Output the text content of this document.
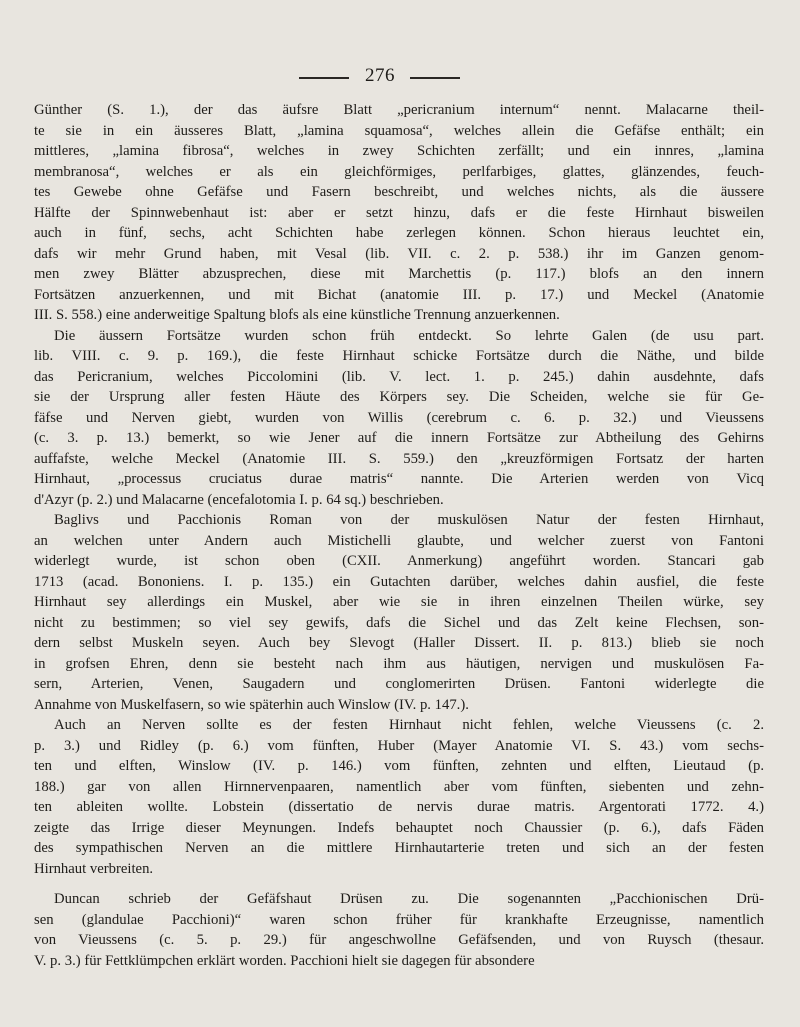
276
Günther (S. 1.), der das äufsre Blatt „pericranium internum“ nennt. Malacarne theil-
te sie in ein äusseres Blatt, „lamina squamosa“, welches allein die Gefäfse enthält; ein
mittleres, „lamina fibrosa“, welches in zwey Schichten zerfällt; und ein innres, „lamina
membranosa“, welches er als ein gleichförmiges, perlfarbiges, glattes, glänzendes, feuch-
tes Gewebe ohne Gefäfse und Fasern beschreibt, und welches nichts, als die äussere
Hälfte der Spinnwebenhaut ist: aber er setzt hinzu, dafs er die feste Hirnhaut bisweilen
auch in fünf, sechs, acht Schichten habe zerlegen können. Schon hieraus leuchtet ein,
dafs wir mehr Grund haben, mit Vesal (lib. VII. c. 2. p. 538.) ihr im Ganzen genom-
men zwey Blätter abzusprechen, diese mit Marchettis (p. 117.) blofs an den innern
Fortsätzen anzuerkennen, und mit Bichat (anatomie III. p. 17.) und Meckel (Anatomie
III. S. 558.) eine anderweitige Spaltung blofs als eine künstliche Trennung anzuerkennen.
Die äussern Fortsätze wurden schon früh entdeckt. So lehrte Galen (de usu part.
lib. VIII. c. 9. p. 169.), die feste Hirnhaut schicke Fortsätze durch die Näthe, und bilde
das Pericranium, welches Piccolomini (lib. V. lect. 1. p. 245.) dahin ausdehnte, dafs
sie der Ursprung aller festen Häute des Körpers sey. Die Scheiden, welche sie für Ge-
fäfse und Nerven giebt, wurden von Willis (cerebrum c. 6. p. 32.) und Vieussens
(c. 3. p. 13.) bemerkt, so wie Jener auf die innern Fortsätze zur Abtheilung des Gehirns
auffafste, welche Meckel (Anatomie III. S. 559.) den „kreuzförmigen Fortsatz der harten
Hirnhaut, „processus cruciatus durae matris“ nannte. Die Arterien werden von Vicq
d'Azyr (p. 2.) und Malacarne (encefalotomia I. p. 64 sq.) beschrieben.
Baglivs und Pacchionis Roman von der muskulösen Natur der festen Hirnhaut,
an welchen unter Andern auch Mistichelli glaubte, und welcher zuerst von Fantoni
widerlegt wurde, ist schon oben (CXII. Anmerkung) angeführt worden. Stancari gab
1713 (acad. Bononiens. I. p. 135.) ein Gutachten darüber, welches dahin ausfiel, die feste
Hirnhaut sey allerdings ein Muskel, aber wie sie in ihren einzelnen Theilen würke, sey
nicht zu bestimmen; so viel sey gewifs, dafs die Sichel und das Zelt keine Flechsen, son-
dern selbst Muskeln seyen. Auch bey Slevogt (Haller Dissert. II. p. 813.) blieb sie noch
in grofsen Ehren, denn sie besteht nach ihm aus häutigen, nervigen und muskulösen Fa-
sern, Arterien, Venen, Saugadern und conglomerirten Drüsen. Fantoni widerlegte die
Annahme von Muskelfasern, so wie späterhin auch Winslow (IV. p. 147.).
Auch an Nerven sollte es der festen Hirnhaut nicht fehlen, welche Vieussens (c. 2.
p. 3.) und Ridley (p. 6.) vom fünften, Huber (Mayer Anatomie VI. S. 43.) vom sechs-
ten und elften, Winslow (IV. p. 146.) vom fünften, zehnten und elften, Lieutaud (p.
188.) gar von allen Hirnnervenpaaren, namentlich aber vom fünften, siebenten und zehn-
ten ableiten wollte. Lobstein (dissertatio de nervis durae matris. Argentorati 1772. 4.)
zeigte das Irrige dieser Meynungen. Indefs behauptet noch Chaussier (p. 6.), dafs Fäden
des sympathischen Nerven an die mittlere Hirnhautarterie treten und sich an der festen
Hirnhaut verbreiten.
Duncan schrieb der Gefäfshaut Drüsen zu. Die sogenannten „Pacchionischen Drü-
sen (glandulae Pacchioni)“ waren schon früher für krankhafte Erzeugnisse, namentlich
von Vieussens (c. 5. p. 29.) für angeschwollne Gefäfsenden, und von Ruysch (thesaur.
V. p. 3.) für Fettklümpchen erklärt worden. Pacchioni hielt sie dagegen für absondere
